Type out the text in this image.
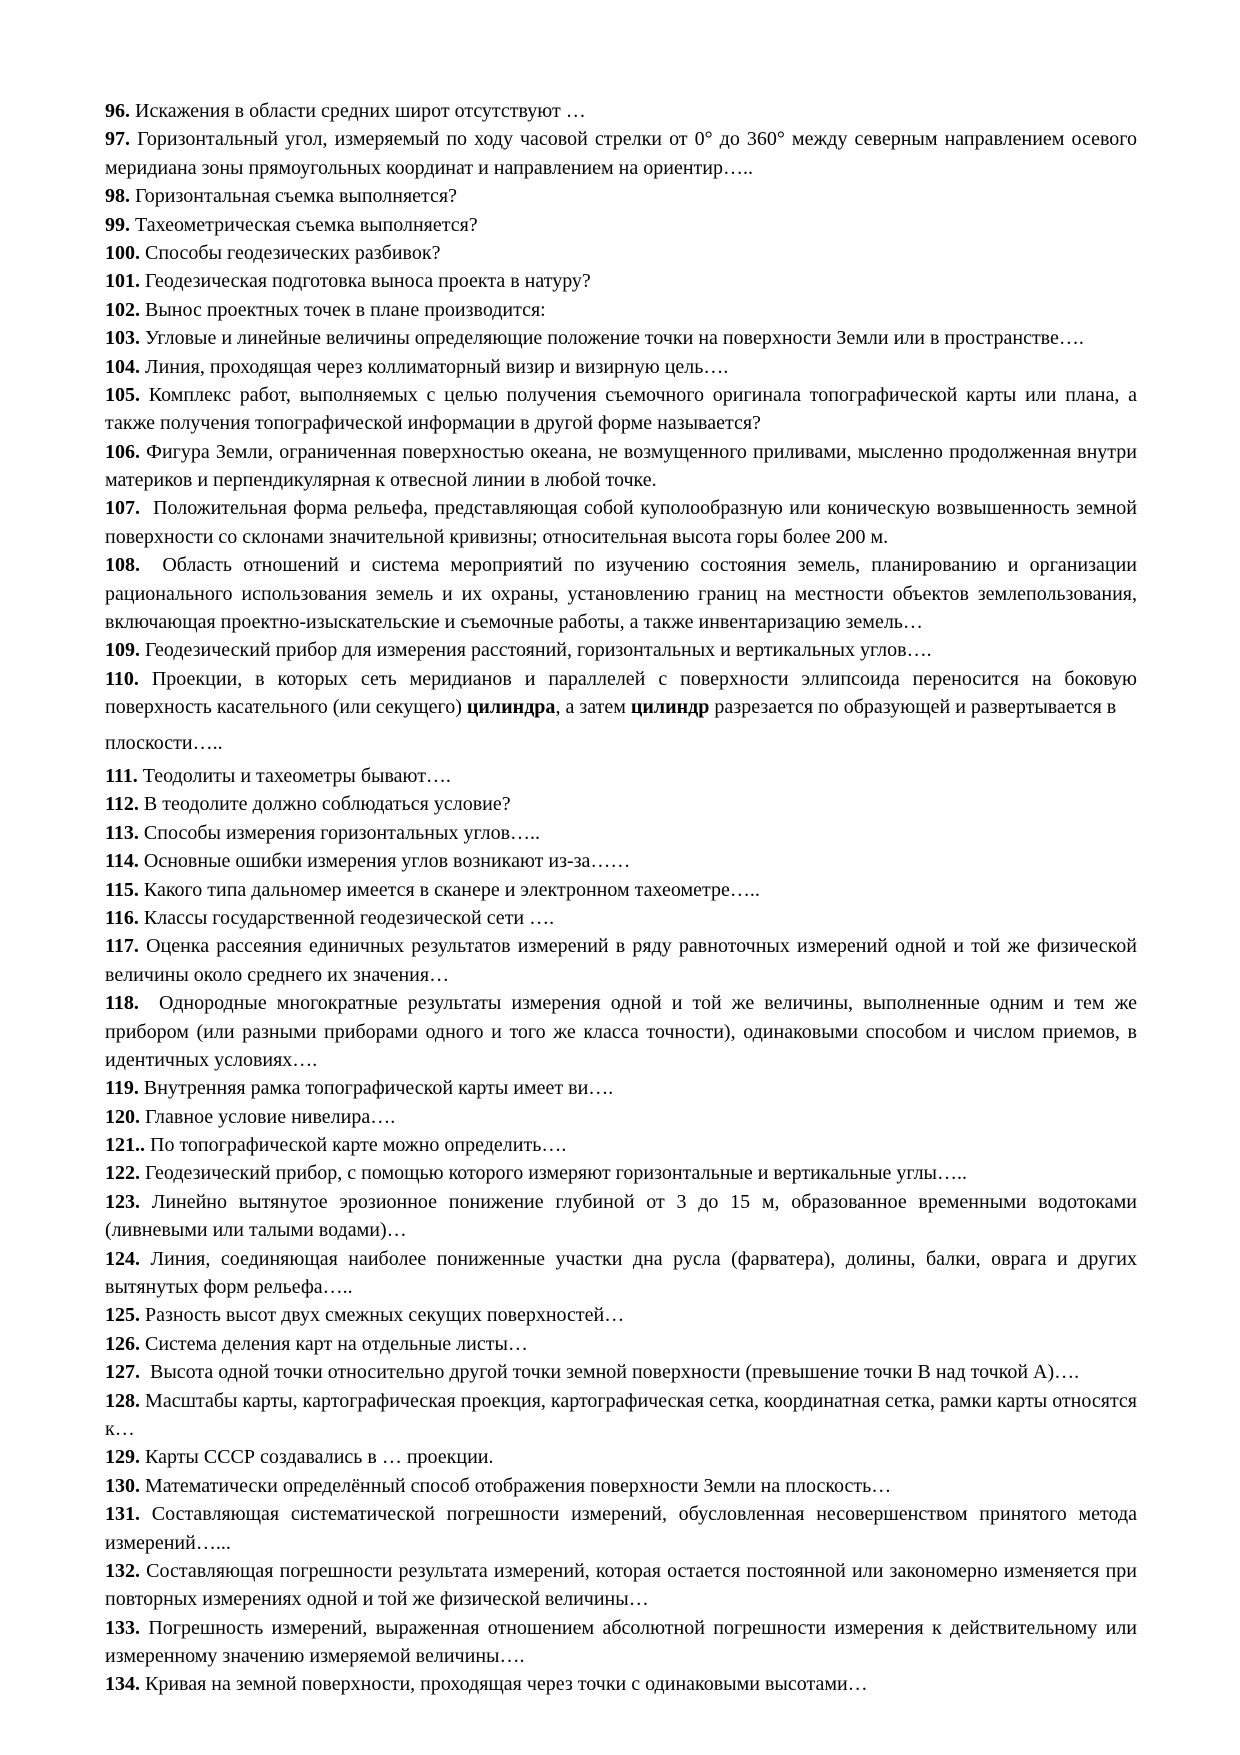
96. Искажения в области средних широт отсутствуют …

97. Горизонтальный угол, измеряемый по ходу часовой стрелки от 0° до 360° между северным направлением осевого меридиана зоны прямоугольных координат и направлением на ориентир…..

98. Горизонтальная съемка выполняется?

99. Тахеометрическая съемка выполняется?

100. Способы геодезических разбивок?

101. Геодезическая подготовка выноса проекта в натуру?

102. Вынос проектных точек в плане производится:

103. Угловые и линейные величины определяющие положение точки на поверхности Земли или в пространстве….

104. Линия, проходящая через коллиматорный визир и визирную цель….

105. Комплекс работ, выполняемых с целью получения съемочного оригинала топографической карты или плана, а также получения топографической информации в другой форме называется?

106. Фигура Земли, ограниченная поверхностью океана, не возмущенного приливами, мысленно продолженная внутри материков и перпендикулярная к отвесной линии в любой точке.

107. Положительная форма рельефа, представляющая собой куполообразную или коническую возвышенность земной поверхности со склонами значительной кривизны; относительная высота горы более 200 м.

108. Область отношений и система мероприятий по изучению состояния земель, планированию и организации рационального использования земель и их охраны, установлению границ на местности объектов землепользования, включающая проектно-изыскательские и съемочные работы, а также инвентаризацию земель…

109. Геодезический прибор для измерения расстояний, горизонтальных и вертикальных углов….

110. Проекции, в которых сеть меридианов и параллелей с поверхности эллипсоида переносится на боковую поверхность касательного (или секущего) цилиндра, а затем цилиндр разрезается по образующей и развертывается в

плоскости…..

111. Теодолиты и тахеометры бывают….

112. В теодолите должно соблюдаться условие?

113. Способы измерения горизонтальных углов…..

114. Основные ошибки измерения углов возникают из-за……

115. Какого типа дальномер имеется в сканере и электронном тахеометре…..

116. Классы государственной геодезической сети ….

117. Оценка рассеяния единичных результатов измерений в ряду равноточных измерений одной и той же физической величины около среднего их значения…

118. Однородные многократные результаты измерения одной и той же величины, выполненные одним и тем же прибором (или разными приборами одного и того же класса точности), одинаковыми способом и числом приемов, в идентичных условиях….

119. Внутренняя рамка топографической карты имеет ви….

120. Главное условие нивелира….

121.. По топографической карте можно определить….

122. Геодезический прибор, с помощью которого измеряют горизонтальные и вертикальные углы…..

123. Линейно вытянутое эрозионное понижение глубиной от 3 до 15 м, образованное временными водотоками (ливневыми или талыми водами)…

124. Линия, соединяющая наиболее пониженные участки дна русла (фарватера), долины, балки, оврага и других вытянутых форм рельефа…..

125. Разность высот двух смежных секущих поверхностей…

126. Система деления карт на отдельные листы…

127. Высота одной точки относительно другой точки земной поверхности (превышение точки В над точкой А)….

128. Масштабы карты, картографическая проекция, картографическая сетка, координатная сетка, рамки карты относятся к…

129. Карты СССР создавались в … проекции.

130. Математически определённый способ отображения поверхности Земли на плоскость…

131. Составляющая систематической погрешности измерений, обусловленная несовершенством принятого метода измерений…...

132. Составляющая погрешности результата измерений, которая остается постоянной или закономерно изменяется при повторных измерениях одной и той же физической величины…

133. Погрешность измерений, выраженная отношением абсолютной погрешности измерения к действительному или измеренному значению измеряемой величины….

134. Кривая на земной поверхности, проходящая через точки с одинаковыми высотами…
